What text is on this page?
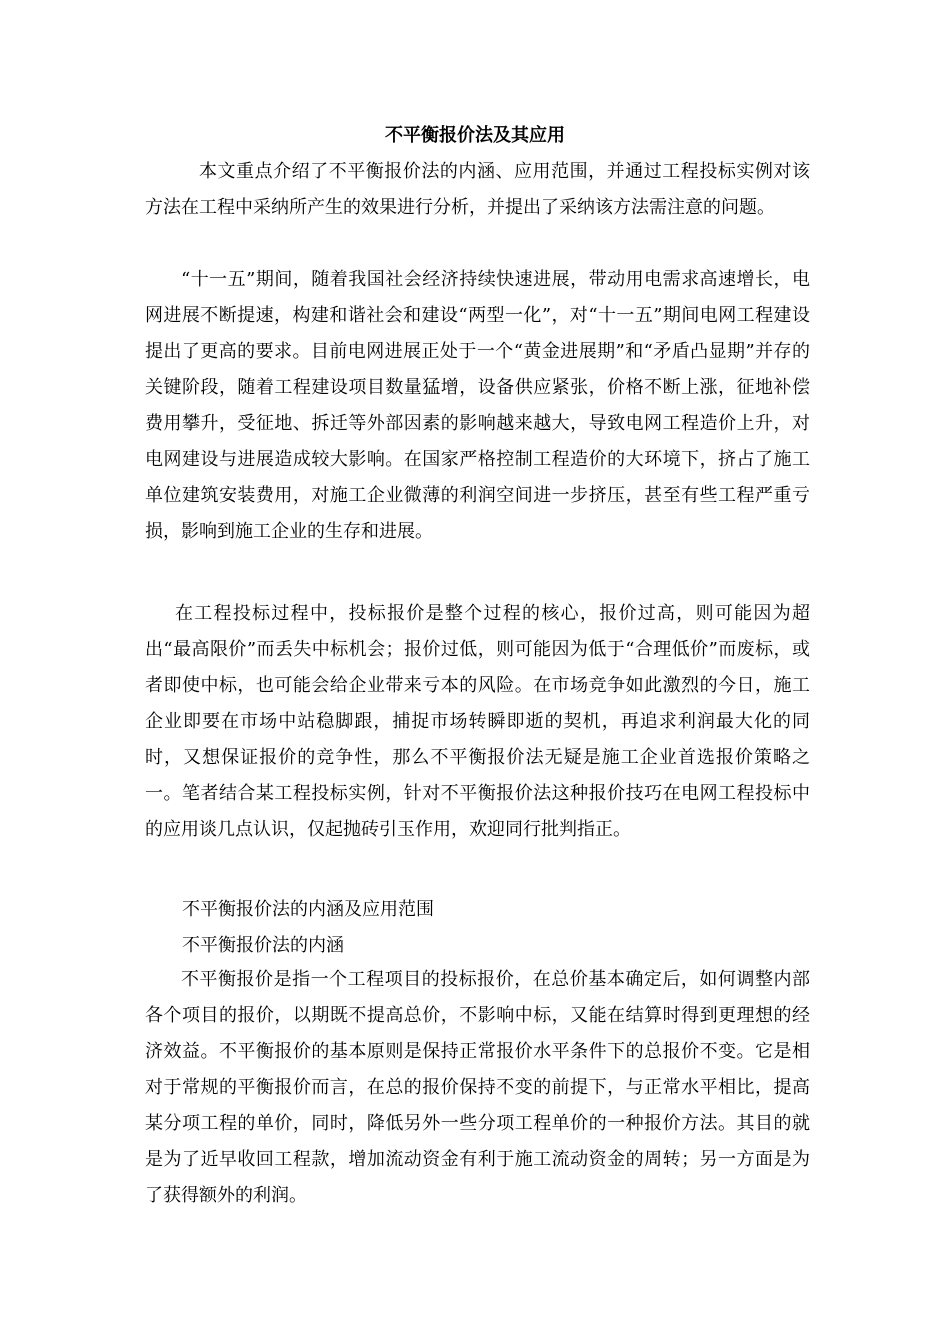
不平衡报价法及其应用

本文重点介绍了不平衡报价法的内涵、应用范围，并通过工程投标实例对该方法在工程中采纳所产生的效果进行分析，并提出了采纳该方法需注意的问题。

“十一五”期间，随着我国社会经济持续快速进展，带动用电需求高速增长，电网进展不断提速，构建和谐社会和建设“两型一化”，对“十一五”期间电网工程建设提出了更高的要求。目前电网进展正处于一个“黄金进展期”和“矛盾凸显期”并存的关键阶段，随着工程建设项目数量猛增，设备供应紧张，价格不断上涨，征地补偿费用攀升，受征地、拆迁等外部因素的影响越来越大，导致电网工程造价上升，对电网建设与进展造成较大影响。在国家严格控制工程造价的大环境下，挤占了施工单位建筑安装费用，对施工企业微薄的利润空间进一步挤压，甚至有些工程严重亏损，影响到施工企业的生存和进展。

在工程投标过程中，投标报价是整个过程的核心，报价过高，则可能因为超出“最高限价”而丢失中标机会；报价过低，则可能因为低于“合理低价”而废标，或者即使中标，也可能会给企业带来亏本的风险。在市场竞争如此激烈的今日，施工企业即要在市场中站稳脚跟，捕捉市场转瞬即逝的契机，再追求利润最大化的同时，又想保证报价的竞争性，那么不平衡报价法无疑是施工企业首选报价策略之一。笔者结合某工程投标实例，针对不平衡报价法这种报价技巧在电网工程投标中的应用谈几点认识，仅起抛砖引玉作用，欢迎同行批判指正。

不平衡报价法的内涵及应用范围

不平衡报价法的内涵

不平衡报价是指一个工程项目的投标报价，在总价基本确定后，如何调整内部各个项目的报价，以期既不提高总价，不影响中标，又能在结算时得到更理想的经济效益。不平衡报价的基本原则是保持正常报价水平条件下的总报价不变。它是相对于常规的平衡报价而言，在总的报价保持不变的前提下，与正常水平相比，提高某分项工程的单价，同时，降低另外一些分项工程单价的一种报价方法。其目的就是为了近早收回工程款，增加流动资金有利于施工流动资金的周转；另一方面是为了获得额外的利润。
